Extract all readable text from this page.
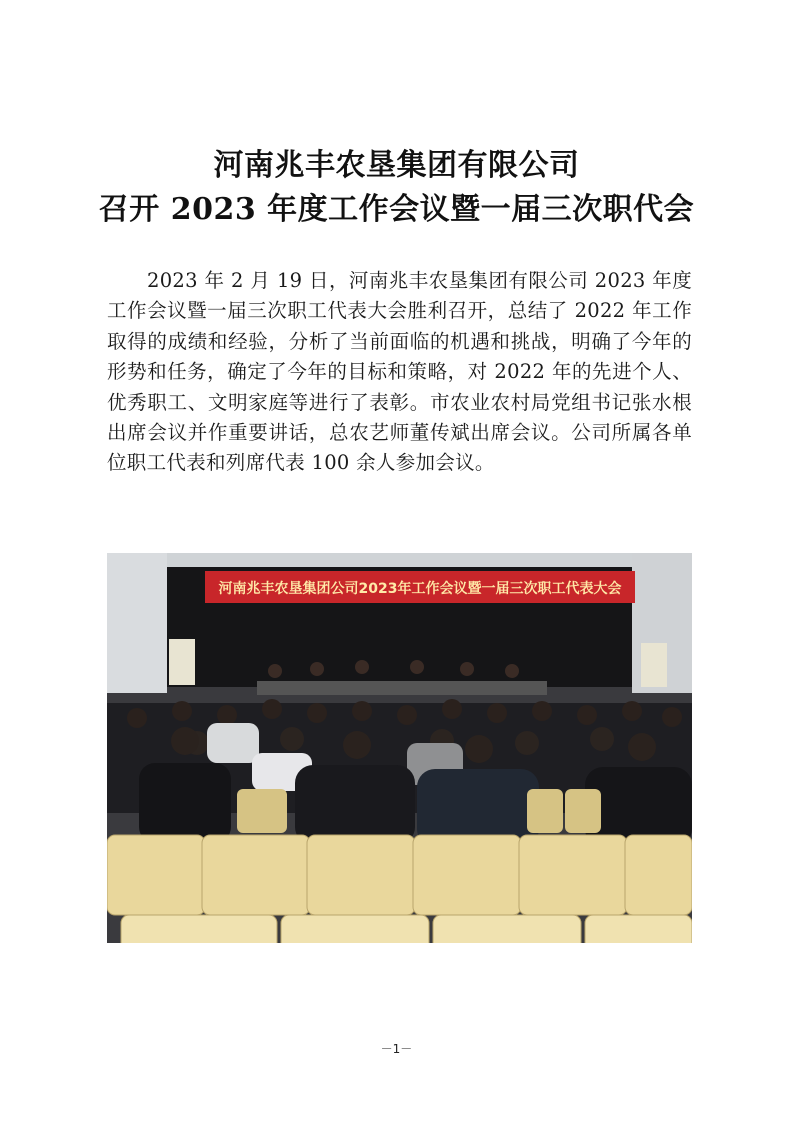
河南兆丰农垦集团有限公司
召开 2023 年度工作会议暨一届三次职代会
2023 年 2 月 19 日，河南兆丰农垦集团有限公司 2023 年度工作会议暨一届三次职工代表大会胜利召开，总结了 2022 年工作取得的成绩和经验，分析了当前面临的机遇和挑战，明确了今年的形势和任务，确定了今年的目标和策略，对 2022 年的先进个人、优秀职工、文明家庭等进行了表彰。市农业农村局党组书记张水根出席会议并作重要讲话，总农艺师董传斌出席会议。公司所属各单位职工代表和列席代表 100 余人参加会议。
河南兆丰农垦集团公司2023年工作会议暨一届三次职工代表大会
－1－
